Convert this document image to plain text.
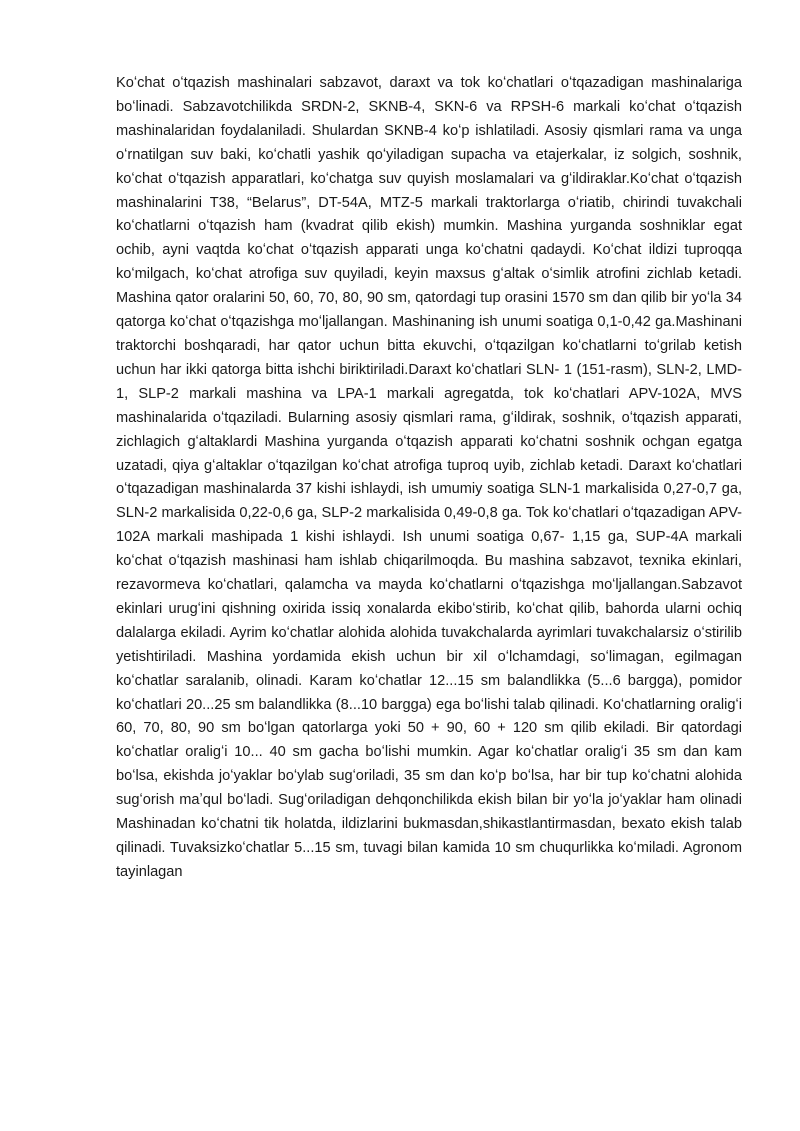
Koʻchat oʻtqazish mashinalari sabzavot, daraxt va tok koʻchatlari oʻtqazadigan mashinalariga boʻlinadi. Sabzavotchilikda SRDN-2, SKNB-4, SKN-6 va RPSH-6 markali koʻchat oʻtqazish mashinalaridan foydalaniladi. Shulardan SKNB-4 koʻp ishlatiladi. Asosiy qismlari rama va unga oʻrnatilgan suv baki, koʻchatli yashik qoʻyiladigan supacha va etajerkalar, iz solgich, soshnik, koʻchat oʻtqazish apparatlari, koʻchatga suv quyish moslamalari va gʻildiraklar.Koʻchat oʻtqazish mashinalarini T38, “Belarus”, DT-54A, MTZ-5 markali traktorlarga oʻriatib, chirindi tuvakchali koʻchatlarni oʻtqazish ham (kvadrat qilib ekish) mumkin. Mashina yurganda soshniklar egat ochib, ayni vaqtda koʻchat oʻtqazish apparati unga koʻchatni qadaydi. Koʻchat ildizi tuproqqa koʻmilgach, koʻchat atrofiga suv quyiladi, keyin maxsus gʻaltak oʻsimlik atrofini zichlab ketadi. Mashina qator oralarini 50, 60, 70, 80, 90 sm, qatordagi tup orasini 1570 sm dan qilib bir yoʻla 34 qatorga koʻchat oʻtqazishga moʻljallangan. Mashinaning ish unumi soatiga 0,1-0,42 ga.Mashinani traktorchi boshqaradi, har qator uchun bitta ekuvchi, oʻtqazilgan koʻchatlarni toʻgrilab ketish uchun har ikki qatorga bitta ishchi biriktiriladi.Daraxt koʻchatlari SLN- 1 (151-rasm), SLN-2, LMD-1, SLP-2 markali mashina va LPA-1 markali agregatda, tok koʻchatlari APV-102A, MVS mashinalarida oʻtqaziladi. Bularning asosiy qismlari rama, gʻildirak, soshnik, oʻtqazish apparati, zichlagich gʻaltaklardi Mashina yurganda oʻtqazish apparati koʻchatni soshnik ochgan egatga uzatadi, qiya gʻaltaklar oʻtqazilgan koʻchat atrofiga tuproq uyib, zichlab ketadi. Daraxt koʻchatlari oʻtqazadigan mashinalarda 37 kishi ishlaydi, ish umumiy soatiga SLN-1 markalisida 0,27-0,7 ga, SLN-2 markalisida 0,22-0,6 ga, SLP-2 markalisida 0,49-0,8 ga. Tok koʻchatlari oʻtqazadigan APV-102A markali mashipada 1 kishi ishlaydi. Ish unumi soatiga 0,67- 1,15 ga, SUP-4A markali koʻchat oʻtqazish mashinasi ham ishlab chiqarilmoqda. Bu mashina sabzavot, texnika ekinlari, rezavormeva koʻchatlari, qalamcha va mayda koʻchatlarni oʻtqazishga moʻljallangan.Sabzavot ekinlari urugʻini qishning oxirida issiq xonalarda ekiboʻstirib, koʻchat qilib, bahorda ularni ochiq dalalarga ekiladi. Ayrim koʻchatlar alohida alohida tuvakchalarda ayrimlari tuvakchalarsiz oʻstirilib yetishtiriladi. Mashina yordamida ekish uchun bir xil oʻlchamdagi, soʻlimagan, egilmagan koʻchatlar saralanib, olinadi. Karam koʻchatlar 12...15 sm balandlikka (5...6 bargga), pomidor koʻchatlari 20...25 sm balandlikka (8...10 bargga) ega boʻlishi talab qilinadi. Koʻchatlarning oraligʻi 60, 70, 80, 90 sm boʻlgan qatorlarga yoki 50 + 90, 60 + 120 sm qilib ekiladi. Bir qatordagi koʻchatlar oraligʻi 10... 40 sm gacha boʻlishi mumkin. Agar koʻchatlar oraligʻi 35 sm dan kam boʻlsa, ekishda joʻyaklar boʻylab sugʻoriladi, 35 sm dan koʻp boʻlsa, har bir tup koʻchatni alohida sugʻorish maʼqul boʻladi. Sugʻoriladigan dehqonchilikda ekish bilan bir yoʻla joʻyaklar ham olinadi Mashinadan koʻchatni tik holatda, ildizlarini bukmasdan,shikastlantirmasdan, bexato ekish talab qilinadi. Tuvaksizkoʻchatlar 5...15 sm, tuvagi bilan kamida 10 sm chuqurlikka koʻmiladi. Agronom tayinlagan
